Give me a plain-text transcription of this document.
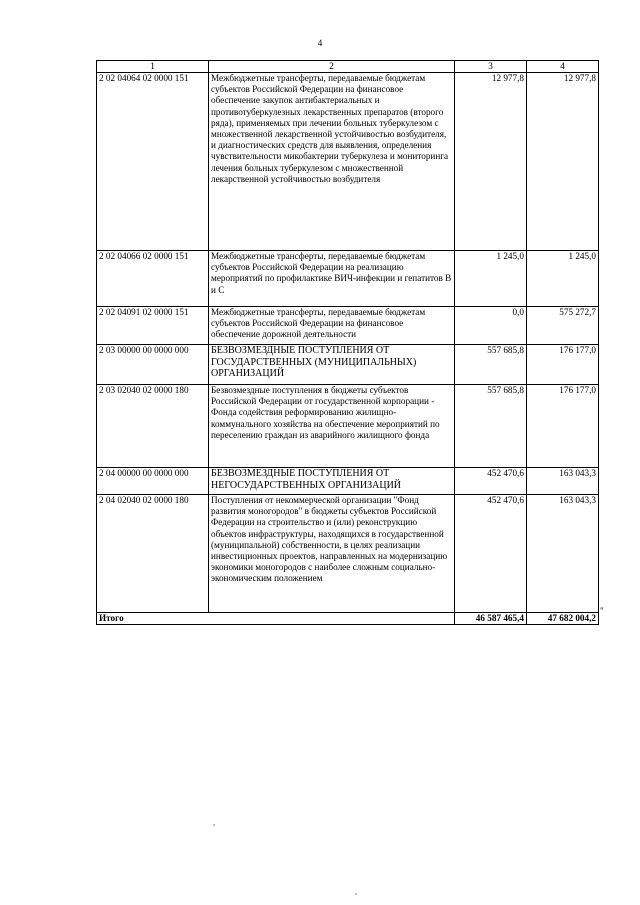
4
1	2	3	4
2 02 04064 02 0000 151	Межбюджетные трансферты, передаваемые бюджетам субъектов Российской Федерации на финансовое обеспечение закупок антибактериальных и противотуберкулезных лекарственных препаратов (второго ряда), применяемых при лечении больных туберкулезом с множественной лекарственной устойчивостью возбудителя, и диагностических средств для выявления, определения чувствительности микобактерии туберкулеза и мониторинга лечения больных туберкулезом с множественной лекарственной устойчивостью возбудителя	12 977,8	12 977,8
2 02 04066 02 0000 151	Межбюджетные трансферты, передаваемые бюджетам субъектов Российской Федерации на реализацию мероприятий по профилактике ВИЧ-инфекции и гепатитов В и С	1 245,0	1 245,0
2 02 04091 02 0000 151	Межбюджетные трансферты, передаваемые бюджетам субъектов Российской Федерации на финансовое обеспечение дорожной деятельности	0,0	575 272,7
2 03 00000 00 0000 000	БЕЗВОЗМЕЗДНЫЕ ПОСТУПЛЕНИЯ ОТ ГОСУДАРСТВЕННЫХ (МУНИЦИПАЛЬНЫХ) ОРГАНИЗАЦИЙ	557 685,8	176 177,0
2 03 02040 02 0000 180	Безвозмездные поступления в бюджеты субъектов Российской Федерации от государственной корпорации - Фонда содействия реформированию жилищно-коммунального хозяйства на обеспечение мероприятий по переселению граждан из аварийного жилищного фонда	557 685,8	176 177,0
2 04 00000 00 0000 000	БЕЗВОЗМЕЗДНЫЕ ПОСТУПЛЕНИЯ ОТ НЕГОСУДАРСТВЕННЫХ ОРГАНИЗАЦИЙ	452 470,6	163 043,3
2 04 02040 02 0000 180	Поступления от некоммерческой организации "Фонд развития моногородов" в бюджеты субъектов Российской Федерации на строительство и (или) реконструкцию объектов инфраструктуры, находящихся в государственной (муниципальной) собственности, в целях реализации инвестиционных проектов, направленных на модернизацию экономики моногородов с наиболее сложным социально-экономическим положением	452 470,6	163 043,3
Итого		46 587 465,4	47 682 004,2
"
